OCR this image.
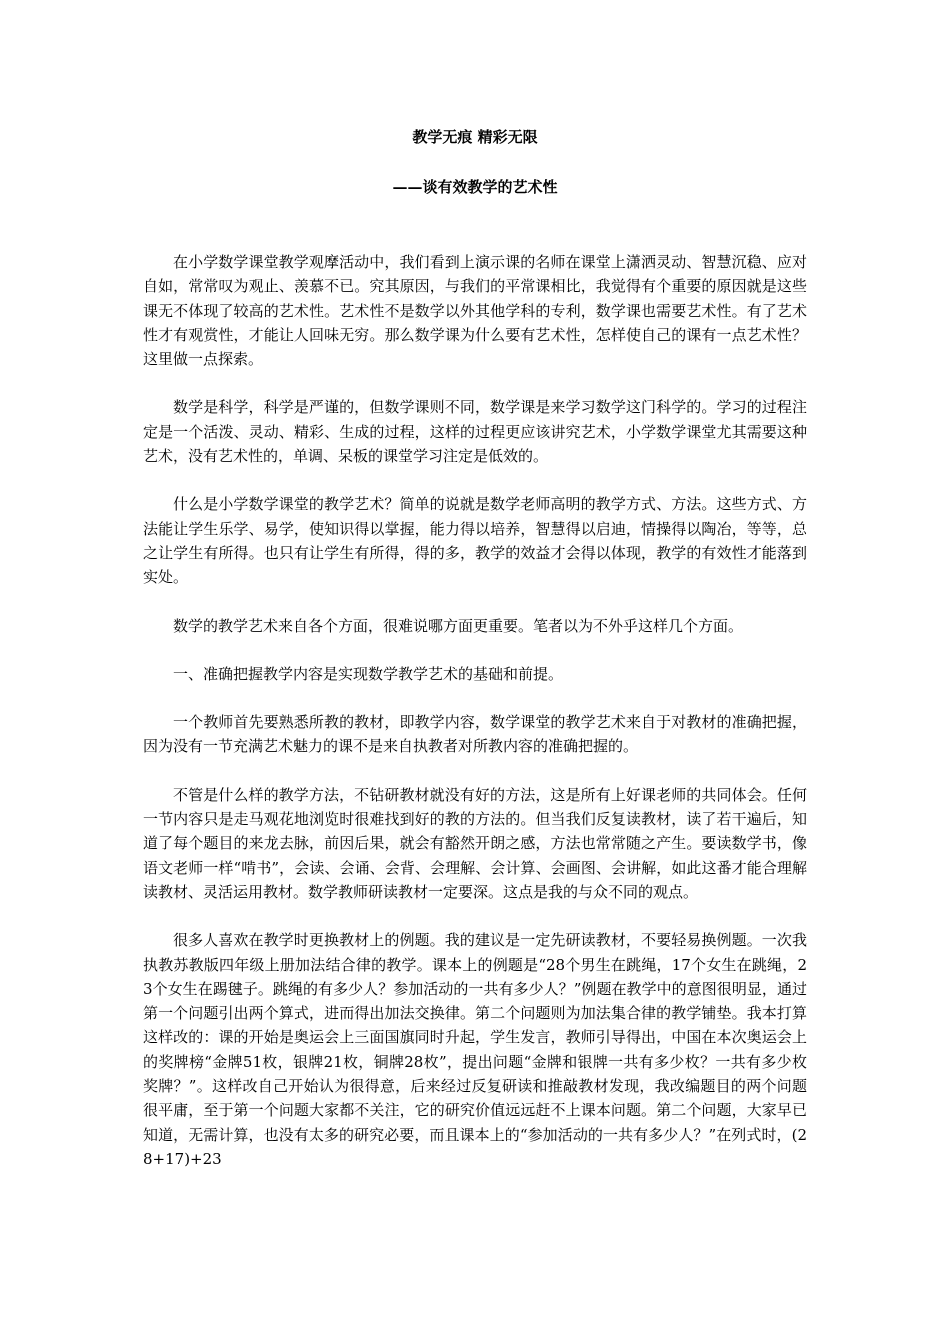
教学无痕 精彩无限
——谈有效教学的艺术性

在小学数学课堂教学观摩活动中，我们看到上演示课的名师在课堂上潇洒灵动、智慧沉稳、应对自如，常常叹为观止、羡慕不已。究其原因，与我们的平常课相比，我觉得有个重要的原因就是这些课无不体现了较高的艺术性。艺术性不是数学以外其他学科的专利，数学课也需要艺术性。有了艺术性才有观赏性，才能让人回味无穷。那么数学课为什么要有艺术性，怎样使自己的课有一点艺术性？这里做一点探索。

数学是科学，科学是严谨的，但数学课则不同，数学课是来学习数学这门科学的。学习的过程注定是一个活泼、灵动、精彩、生成的过程，这样的过程更应该讲究艺术，小学数学课堂尤其需要这种艺术，没有艺术性的，单调、呆板的课堂学习注定是低效的。

什么是小学数学课堂的教学艺术？简单的说就是数学老师高明的教学方式、方法。这些方式、方法能让学生乐学、易学，使知识得以掌握，能力得以培养，智慧得以启迪，情操得以陶冶，等等，总之让学生有所得。也只有让学生有所得，得的多，教学的效益才会得以体现，教学的有效性才能落到实处。

数学的教学艺术来自各个方面，很难说哪方面更重要。笔者以为不外乎这样几个方面。

一、准确把握教学内容是实现数学教学艺术的基础和前提。

一个教师首先要熟悉所教的教材，即教学内容，数学课堂的教学艺术来自于对教材的准确把握，因为没有一节充满艺术魅力的课不是来自执教者对所教内容的准确把握的。

不管是什么样的教学方法，不钻研教材就没有好的方法，这是所有上好课老师的共同体会。任何一节内容只是走马观花地浏览时很难找到好的教的方法的。但当我们反复读教材，读了若干遍后，知道了每个题目的来龙去脉，前因后果，就会有豁然开朗之感，方法也常常随之产生。要读数学书，像语文老师一样“啃书”，会读、会诵、会背、会理解、会计算、会画图、会讲解，如此这番才能合理解读教材、灵活运用教材。数学教师研读教材一定要深。这点是我的与众不同的观点。

很多人喜欢在教学时更换教材上的例题。我的建议是一定先研读教材，不要轻易换例题。一次我执教苏教版四年级上册加法结合律的教学。课本上的例题是“28个男生在跳绳，17个女生在跳绳，23个女生在踢毽子。跳绳的有多少人？参加活动的一共有多少人？”例题在教学中的意图很明显，通过第一个问题引出两个算式，进而得出加法交换律。第二个问题则为加法集合律的教学铺垫。我本打算这样改的：课的开始是奥运会上三面国旗同时升起，学生发言，教师引导得出，中国在本次奥运会上的奖牌榜“金牌51枚，银牌21枚，铜牌28枚”，提出问题“金牌和银牌一共有多少枚？一共有多少枚奖牌？”。这样改自己开始认为很得意，后来经过反复研读和推敲教材发现，我改编题目的两个问题很平庸，至于第一个问题大家都不关注，它的研究价值远远赶不上课本问题。第二个问题，大家早已知道，无需计算，也没有太多的研究必要，而且课本上的“参加活动的一共有多少人？”在列式时，(28+17)+23
